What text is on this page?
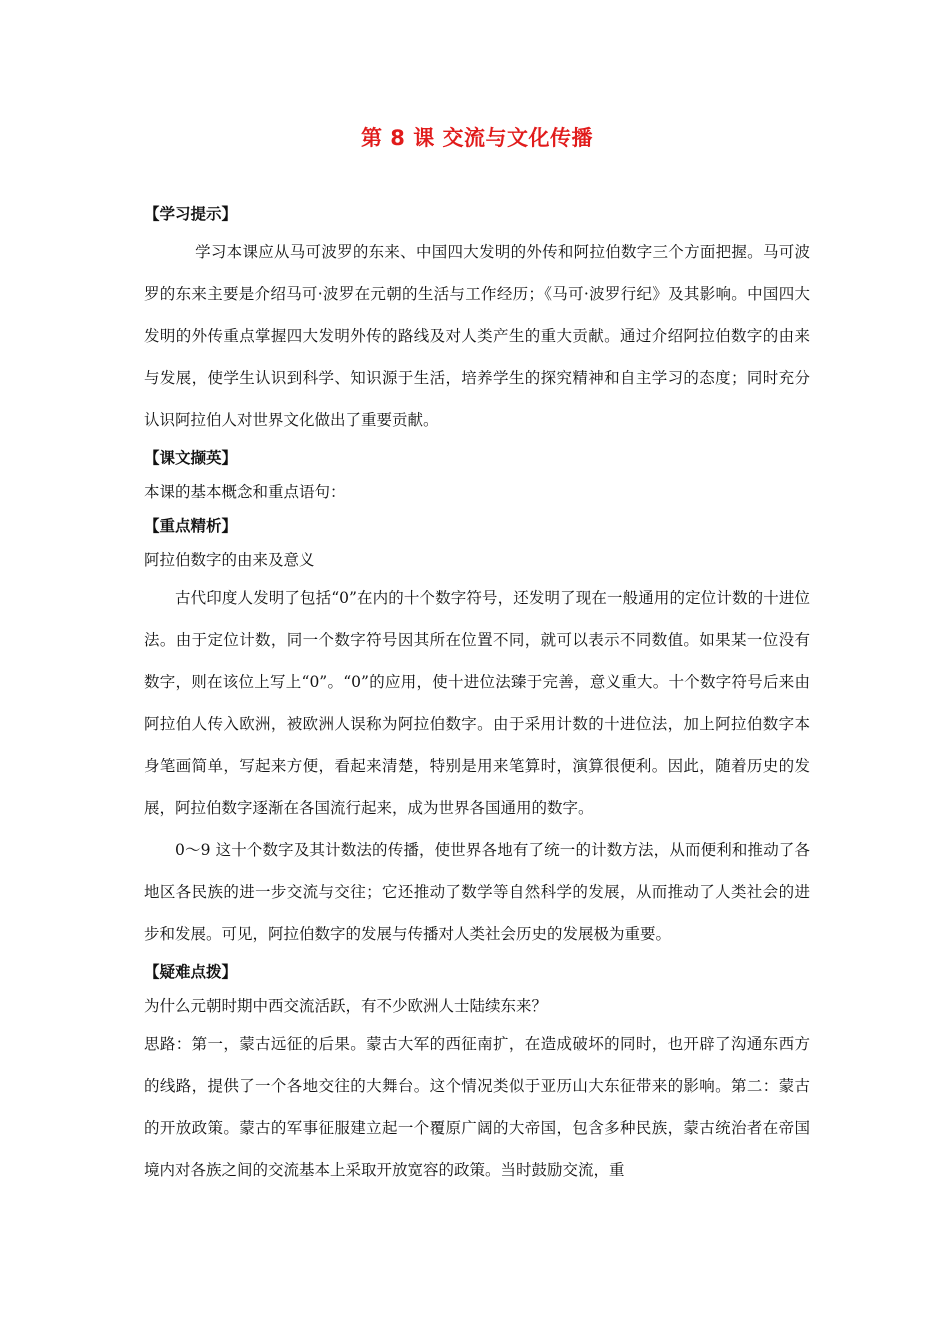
第 8 课 交流与文化传播
【学习提示】

学习本课应从马可波罗的东来、中国四大发明的外传和阿拉伯数字三个方面把握。马可波罗的东来主要是介绍马可·波罗在元朝的生活与工作经历；《马可·波罗行纪》及其影响。中国四大发明的外传重点掌握四大发明外传的路线及对人类产生的重大贡献。通过介绍阿拉伯数字的由来与发展，使学生认识到科学、知识源于生活，培养学生的探究精神和自主学习的态度；同时充分认识阿拉伯人对世界文化做出了重要贡献。

【课文撷英】

本课的基本概念和重点语句：

【重点精析】

阿拉伯数字的由来及意义

古代印度人发明了包括“0”在内的十个数字符号，还发明了现在一般通用的定位计数的十进位法。由于定位计数，同一个数字符号因其所在位置不同，就可以表示不同数值。如果某一位没有数字，则在该位上写上“0”。“0”的应用，使十进位法臻于完善，意义重大。十个数字符号后来由阿拉伯人传入欧洲，被欧洲人误称为阿拉伯数字。由于采用计数的十进位法，加上阿拉伯数字本身笔画简单，写起来方便，看起来清楚，特别是用来笔算时，演算很便利。因此，随着历史的发展，阿拉伯数字逐渐在各国流行起来，成为世界各国通用的数字。

0～9 这十个数字及其计数法的传播，使世界各地有了统一的计数方法，从而便利和推动了各地区各民族的进一步交流与交往；它还推动了数学等自然科学的发展，从而推动了人类社会的进步和发展。可见，阿拉伯数字的发展与传播对人类社会历史的发展极为重要。

【疑难点拨】

为什么元朝时期中西交流活跃，有不少欧洲人士陆续东来？

思路：第一，蒙古远征的后果。蒙古大军的西征南扩，在造成破坏的同时，也开辟了沟通东西方的线路，提供了一个各地交往的大舞台。这个情况类似于亚历山大东征带来的影响。第二：蒙古的开放政策。蒙古的军事征服建立起一个覆原广阔的大帝国，包含多种民族，蒙古统治者在帝国境内对各族之间的交流基本上采取开放宽容的政策。当时鼓励交流，重
